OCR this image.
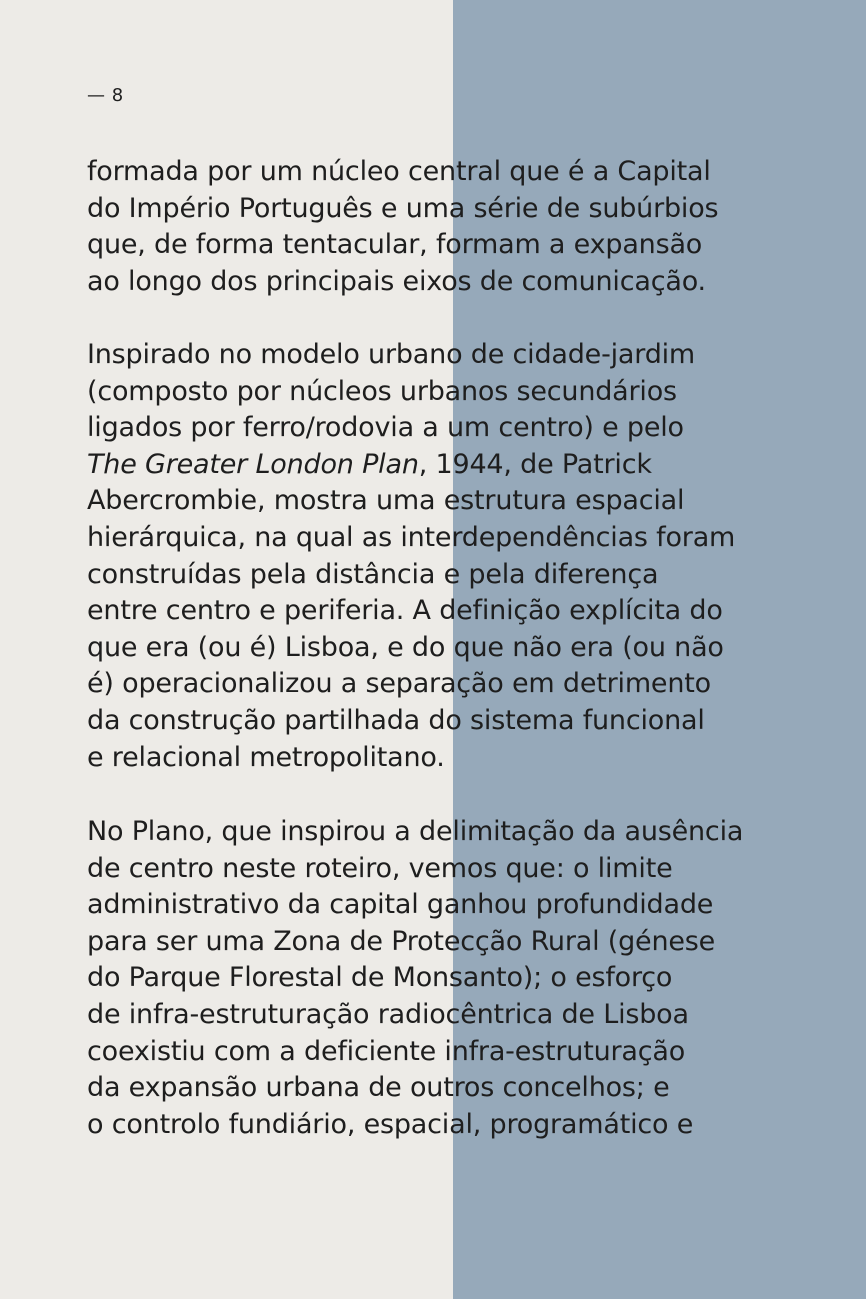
— 8
formada por um núcleo central que é a Capital
do Império Português e uma série de subúrbios
que, de forma tentacular, formam a expansão
ao longo dos principais eixos de comunicação.
Inspirado no modelo urbano de cidade-jardim
(composto por núcleos urbanos secundários
ligados por ferro/rodovia a um centro) e pelo
The Greater London Plan, 1944, de Patrick
Abercrombie, mostra uma estrutura espacial
hierárquica, na qual as interdependências foram
construídas pela distância e pela diferença
entre centro e periferia. A definição explícita do
que era (ou é) Lisboa, e do que não era (ou não
é) operacionalizou a separação em detrimento
da construção partilhada do sistema funcional
e relacional metropolitano.
No Plano, que inspirou a delimitação da ausência
de centro neste roteiro, vemos que: o limite
administrativo da capital ganhou profundidade
para ser uma Zona de Protecção Rural (génese
do Parque Florestal de Monsanto); o esforço
de infra-estruturação radiocêntrica de Lisboa
coexistiu com a deficiente infra-estruturação
da expansão urbana de outros concelhos; e
o controlo fundiário, espacial, programático e
